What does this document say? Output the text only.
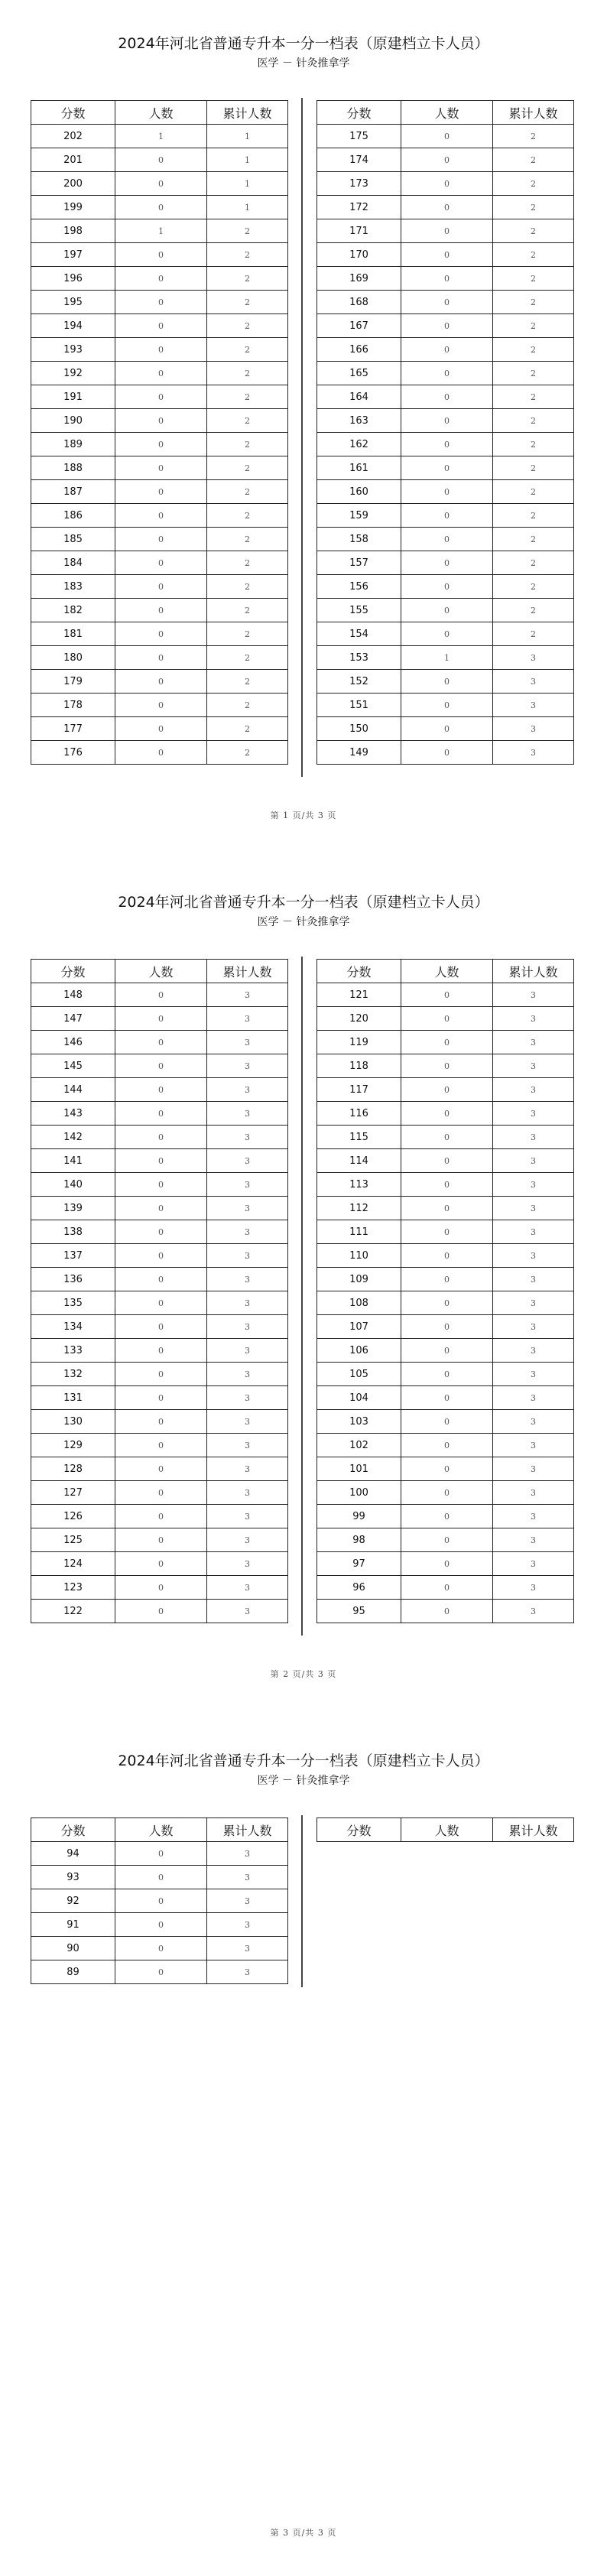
2024年河北省普通专升本一分一档表（原建档立卡人员）
医学 － 针灸推拿学
分数	人数	累计人数
202	1	1
201	0	1
200	0	1
199	0	1
198	1	2
197	0	2
196	0	2
195	0	2
194	0	2
193	0	2
192	0	2
191	0	2
190	0	2
189	0	2
188	0	2
187	0	2
186	0	2
185	0	2
184	0	2
183	0	2
182	0	2
181	0	2
180	0	2
179	0	2
178	0	2
177	0	2
176	0	2
分数	人数	累计人数
175	0	2
174	0	2
173	0	2
172	0	2
171	0	2
170	0	2
169	0	2
168	0	2
167	0	2
166	0	2
165	0	2
164	0	2
163	0	2
162	0	2
161	0	2
160	0	2
159	0	2
158	0	2
157	0	2
156	0	2
155	0	2
154	0	2
153	1	3
152	0	3
151	0	3
150	0	3
149	0	3
第 1 页/共 3 页
2024年河北省普通专升本一分一档表（原建档立卡人员）
医学 － 针灸推拿学
分数	人数	累计人数
148	0	3
147	0	3
146	0	3
145	0	3
144	0	3
143	0	3
142	0	3
141	0	3
140	0	3
139	0	3
138	0	3
137	0	3
136	0	3
135	0	3
134	0	3
133	0	3
132	0	3
131	0	3
130	0	3
129	0	3
128	0	3
127	0	3
126	0	3
125	0	3
124	0	3
123	0	3
122	0	3
分数	人数	累计人数
121	0	3
120	0	3
119	0	3
118	0	3
117	0	3
116	0	3
115	0	3
114	0	3
113	0	3
112	0	3
111	0	3
110	0	3
109	0	3
108	0	3
107	0	3
106	0	3
105	0	3
104	0	3
103	0	3
102	0	3
101	0	3
100	0	3
99	0	3
98	0	3
97	0	3
96	0	3
95	0	3
第 2 页/共 3 页
2024年河北省普通专升本一分一档表（原建档立卡人员）
医学 － 针灸推拿学
分数	人数	累计人数
94	0	3
93	0	3
92	0	3
91	0	3
90	0	3
89	0	3
分数	人数	累计人数
第 3 页/共 3 页
